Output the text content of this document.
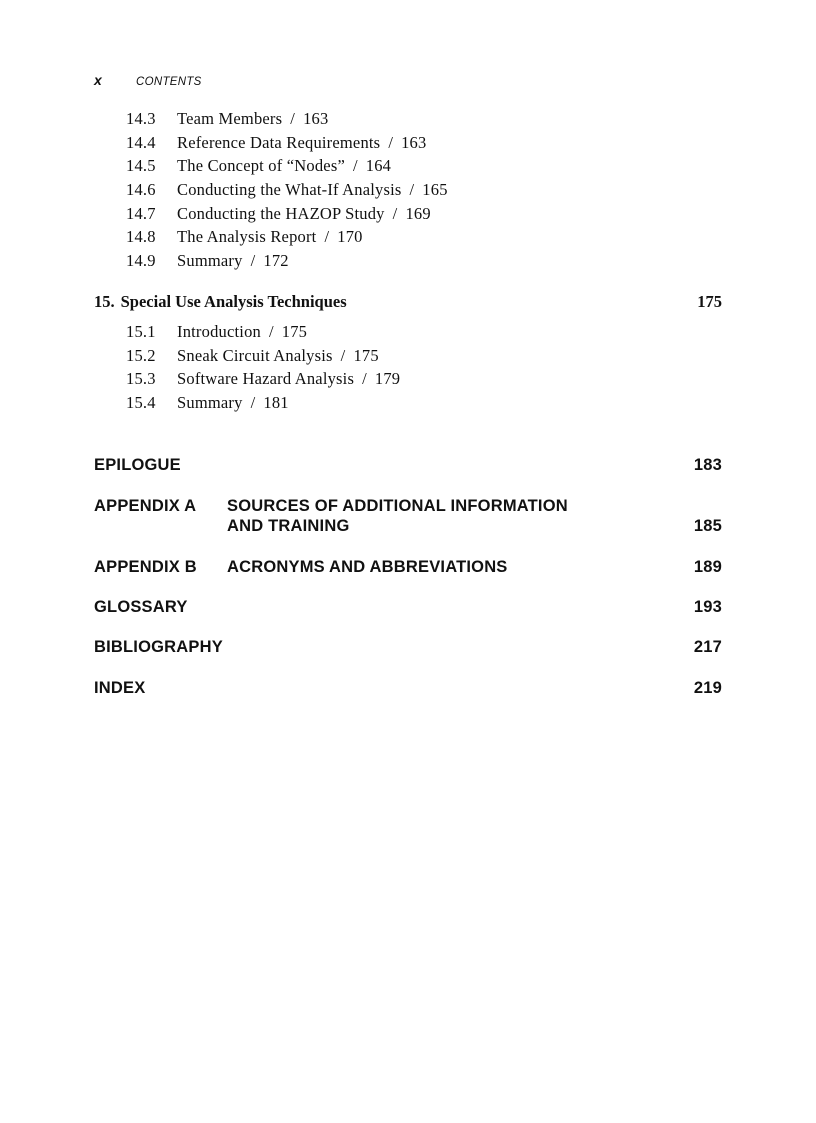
x	CONTENTS
14.3	Team Members / 163
14.4	Reference Data Requirements / 163
14.5	The Concept of “Nodes” / 164
14.6	Conducting the What-If Analysis / 165
14.7	Conducting the HAZOP Study / 169
14.8	The Analysis Report / 170
14.9	Summary / 172
15. Special Use Analysis Techniques	175
15.1	Introduction / 175
15.2	Sneak Circuit Analysis / 175
15.3	Software Hazard Analysis / 179
15.4	Summary / 181
EPILOGUE	183
APPENDIX A	SOURCES OF ADDITIONAL INFORMATION
AND TRAINING	185
APPENDIX B	ACRONYMS AND ABBREVIATIONS	189
GLOSSARY	193
BIBLIOGRAPHY	217
INDEX	219
